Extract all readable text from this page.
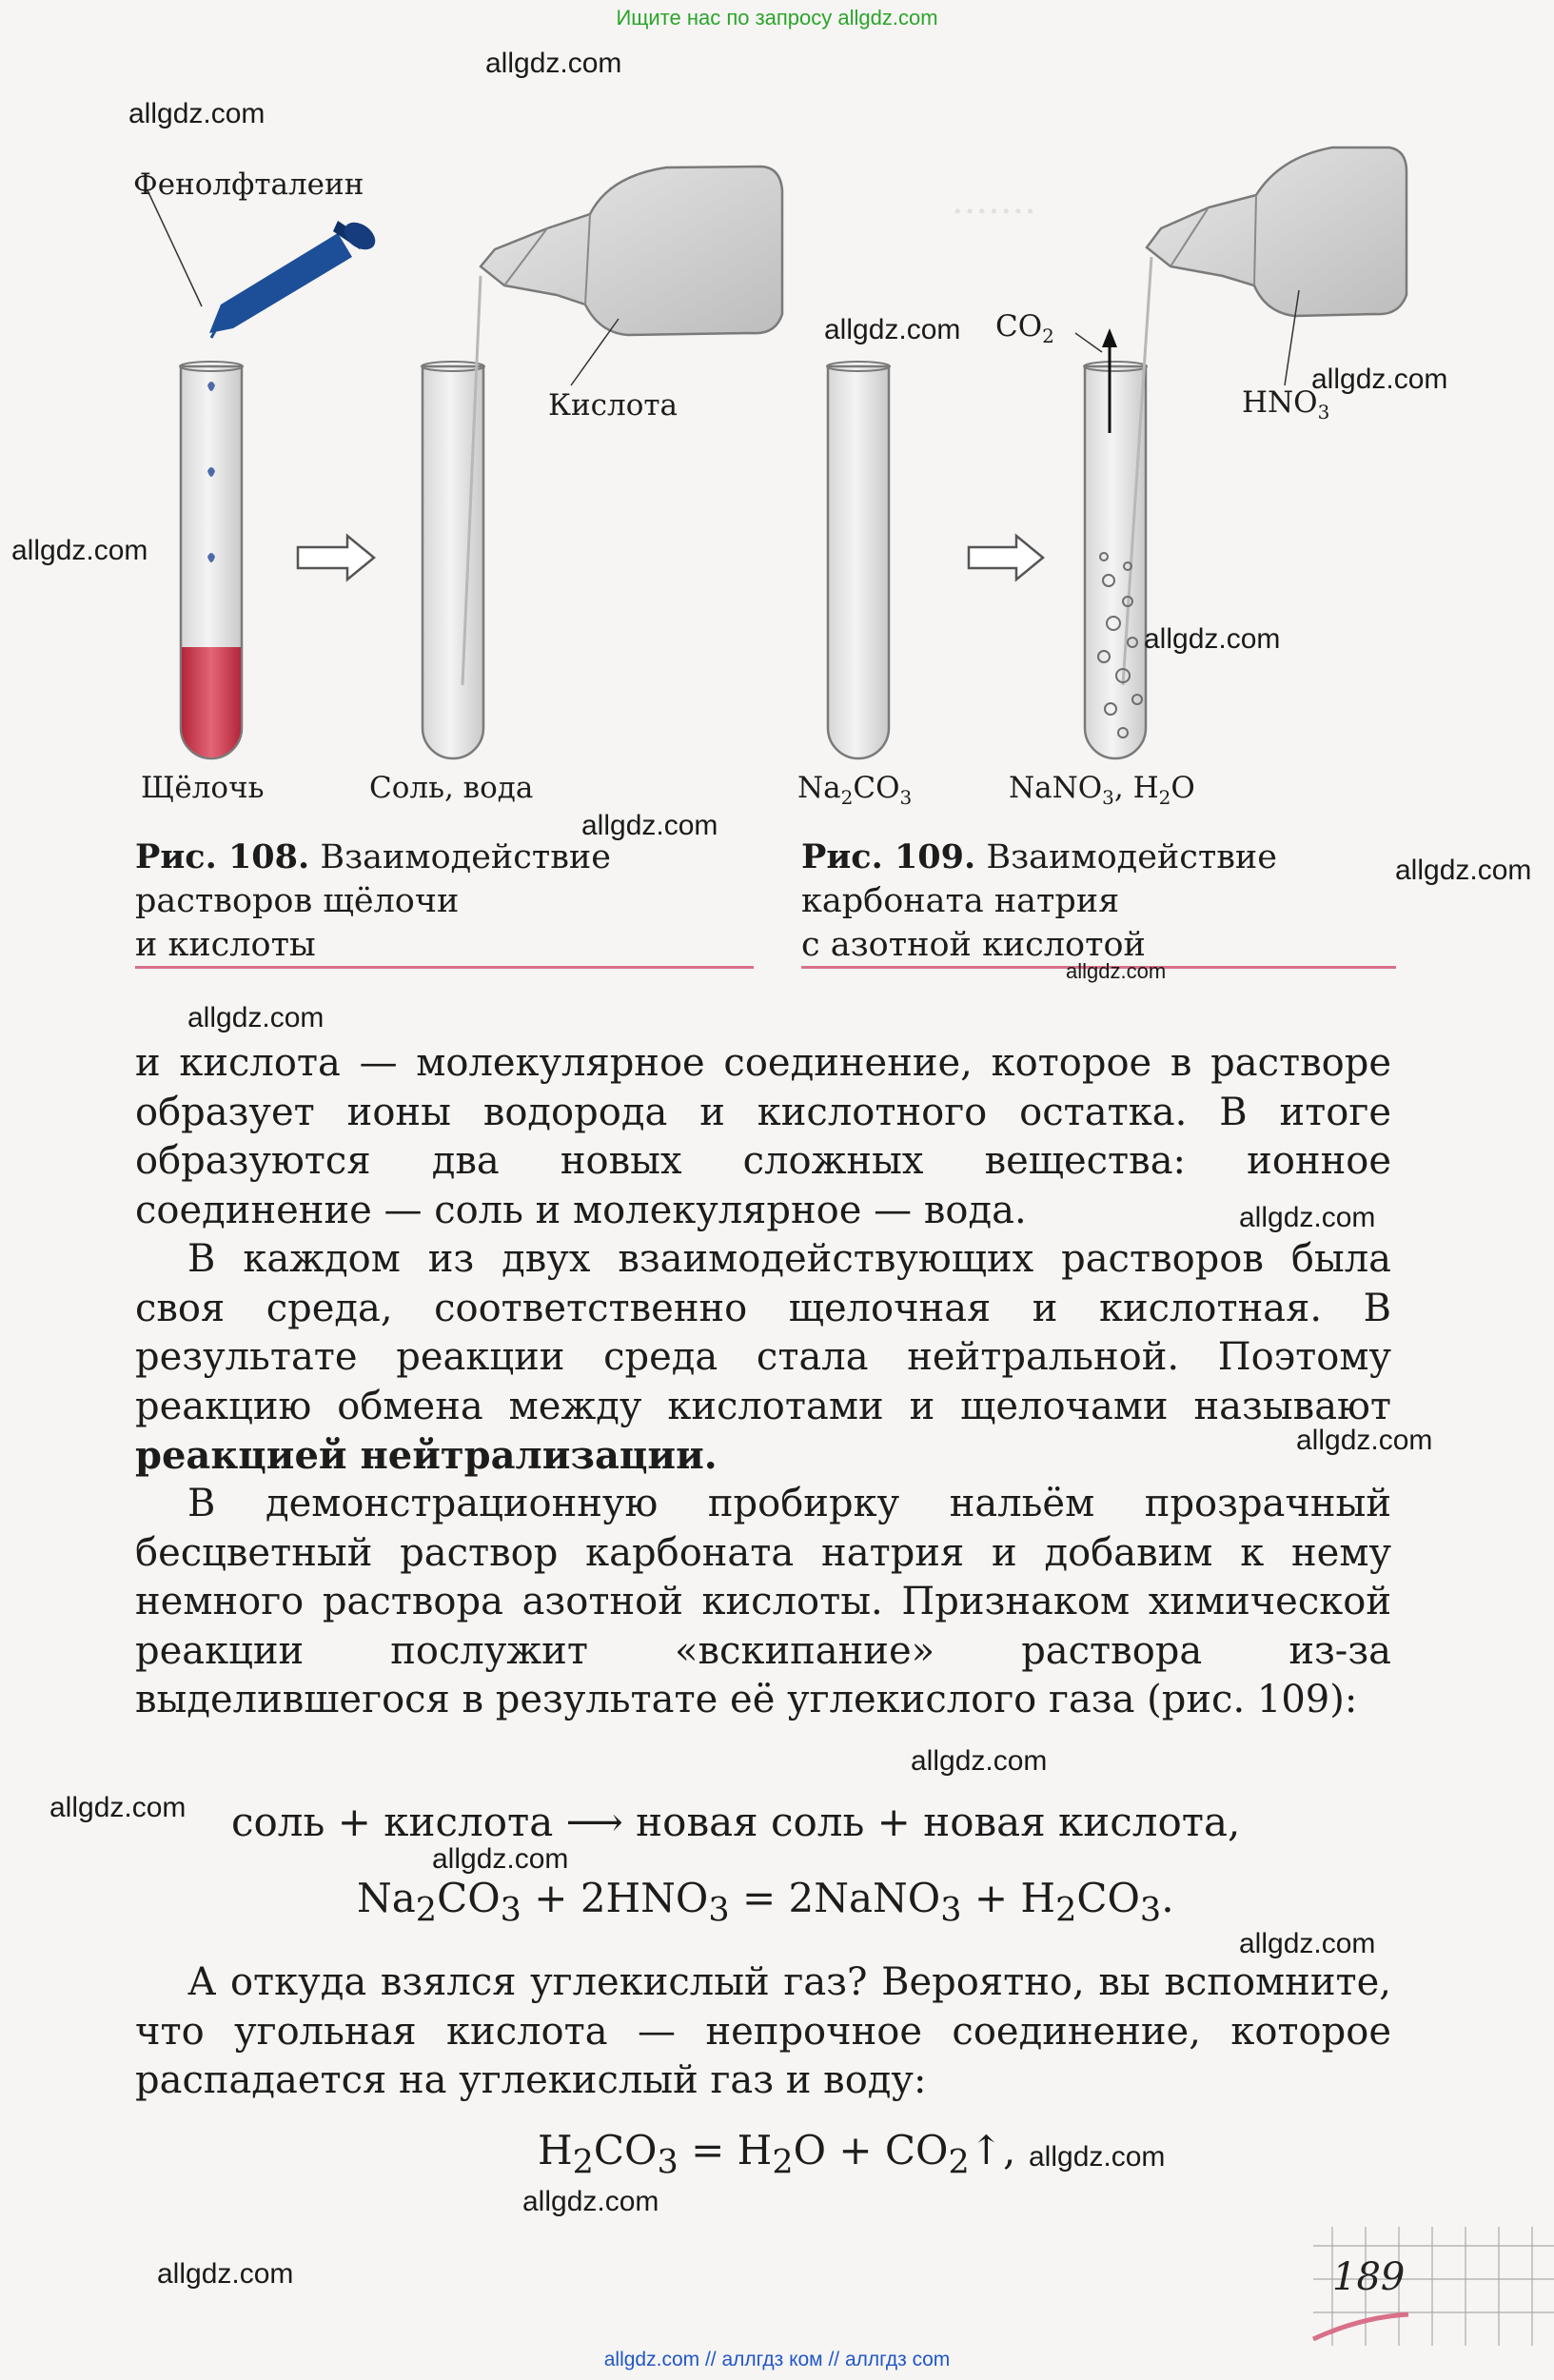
Ищите нас по запросу allgdz.com
allgdz.com // аллгдз ком // аллгдз com
·······
Фенолфталеин
Кислота
Щёлочь	Соль, вода
$CO_2$
$HNO_3$
$Na_2CO_3$	NaNO$_3$, $H_2O$
Рис. 108. Взаимодействие
растворов щёлочи
и кислоты
Рис. 109. Взаимодействие
карбоната натрия
с азотной кислотой
и кислота — молекулярное соединение, которое в растворе образует ионы водорода и кислотного остатка. В итоге образуются два новых сложных вещества: ионное соединение — соль и молекулярное — вода.
В каждом из двух взаимодействующих растворов была своя среда, соответственно щелочная и кислотная. В результате реакции среда стала нейтральной. Поэтому реакцию обмена между кислотами и щелочами называют реакцией нейтрализации.
В демонстрационную пробирку нальём прозрачный бесцветный раствор карбоната натрия и добавим к нему немного раствора азотной кислоты. Признаком химической реакции послужит «вскипание» раствора из-за выделившегося в результате её углекислого газа (рис. 109):
соль + кислота ⟶ новая соль + новая кислота,
$Na_2CO_3 + 2HNO_3$ = 2NaNO$_3$ + $H_2CO_3$.
А откуда взялся углекислый газ? Вероятно, вы вспомните, что угольная кислота — непрочное соединение, которое распадается на углекислый газ и воду:
$H_2CO_3 = H_2O$ + $CO_2↑$,
189
allgdz.com
allgdz.com
allgdz.com
allgdz.com
allgdz.com
allgdz.com
allgdz.com
allgdz.com
allgdz.com
allgdz.com
allgdz.com
allgdz.com
allgdz.com
allgdz.com
allgdz.com
allgdz.com
allgdz.com
allgdz.com
allgdz.com
